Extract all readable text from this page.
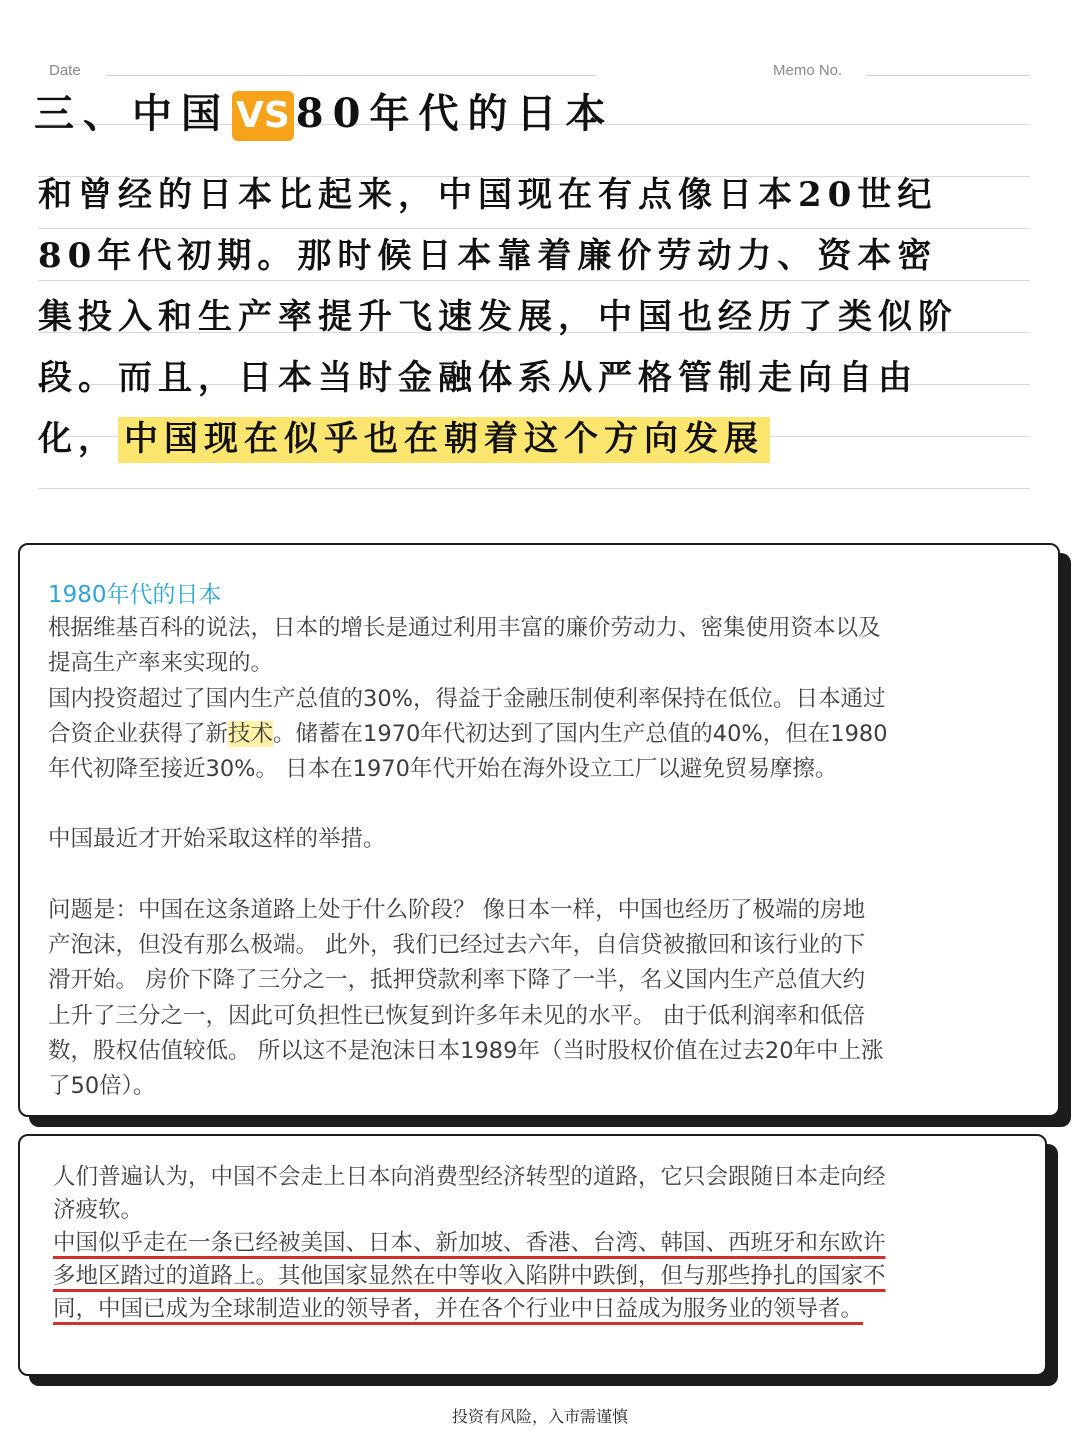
Date	Memo No.
三、中国 VS 80年代的日本
和曾经的日本比起来，中国现在有点像日本20世纪
80年代初期。那时候日本靠着廉价劳动力、资本密
集投入和生产率提升飞速发展，中国也经历了类似阶
段。而且，日本当时金融体系从严格管制走向自由
化， 中国现在似乎也在朝着这个方向发展

1980年代的日本

根据维基百科的说法，日本的增长是通过利用丰富的廉价劳动力、密集使用资本以及

提高生产率来实现的。

国内投资超过了国内生产总值的30%，得益于金融压制使利率保持在低位。日本通过

合资企业获得了新技术。储蓄在1970年代初达到了国内生产总值的40%，但在1980

年代初降至接近30%。 日本在1970年代开始在海外设立工厂以避免贸易摩擦。

中国最近才开始采取这样的举措。

问题是：中国在这条道路上处于什么阶段？ 像日本一样，中国也经历了极端的房地

产泡沫，但没有那么极端。 此外，我们已经过去六年，自信贷被撤回和该行业的下

滑开始。 房价下降了三分之一，抵押贷款利率下降了一半，名义国内生产总值大约

上升了三分之一，因此可负担性已恢复到许多年未见的水平。 由于低利润率和低倍

数，股权估值较低。 所以这不是泡沫日本1989年（当时股权价值在过去20年中上涨

了50倍）。

人们普遍认为，中国不会走上日本向消费型经济转型的道路，它只会跟随日本走向经

济疲软。

中国似乎走在一条已经被美国、日本、新加坡、香港、台湾、韩国、西班牙和东欧许

多地区踏过的道路上。其他国家显然在中等收入陷阱中跌倒，但与那些挣扎的国家不

同，中国已成为全球制造业的领导者，并在各个行业中日益成为服务业的领导者。

投资有风险，入市需谨慎
